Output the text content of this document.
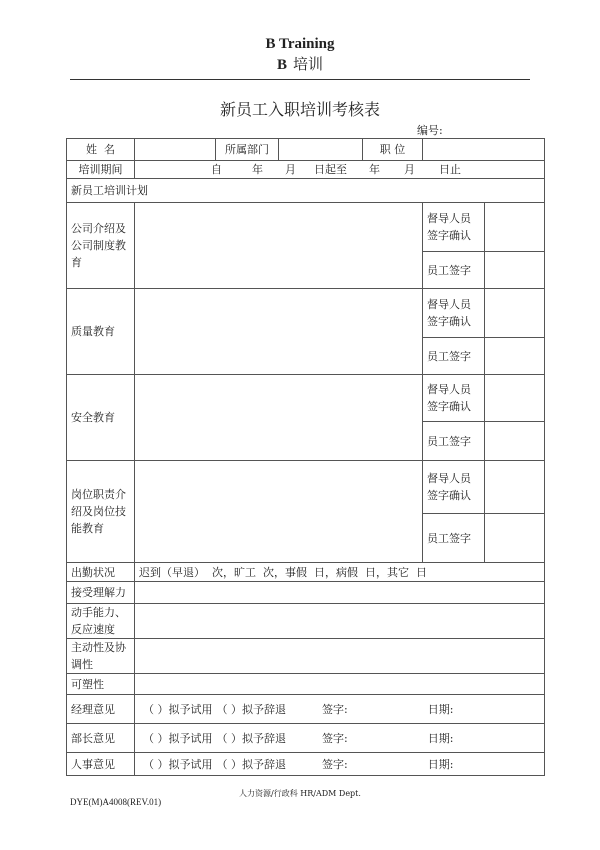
B Training
B 培训
新员工入职培训考核表
编号:
姓  名		所属部门		职 位		
培训期间	自 年 月 日起至 年 月 日止					
新员工培训计划						
公司介绍及公司制度教育					督导人员签字确认	
					员工签字	
质量教育					督导人员签字确认	
					员工签字	
安全教育					督导人员签字确认	
					员工签字	
岗位职责介绍及岗位技能教育					督导人员签字确认	
					员工签字	
出勤状况	迟到（早退）  次，旷工  次，事假  日，病假  日，其它  日					
接受理解力						
动手能力、反应速度						
主动性及协调性						
可塑性						
经理意见	（ ）拟予试用 （ ）拟予辞退 签字: 日期:					
部长意见	（ ）拟予试用 （ ）拟予辞退 签字: 日期:					
人事意见	（ ）拟予试用 （ ）拟予辞退 签字: 日期:					
人力资源/行政科 HR/ADM Dept.
DYE(M)A4008(REV.01)
